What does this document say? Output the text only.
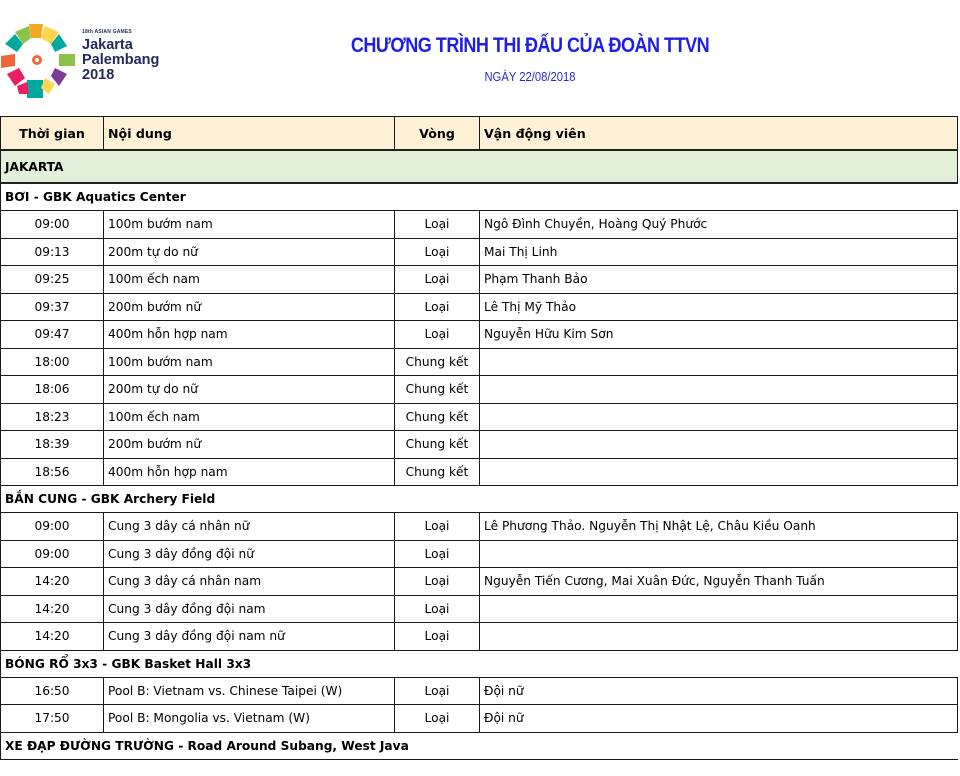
18th ASIAN GAMES
Jakarta
Palembang
2018
CHƯƠNG TRÌNH THI ĐẤU CỦA ĐOÀN TTVN
NGÀY 22/08/2018
Thời gian	Nội dung	Vòng	Vận động viên
JAKARTA			
BƠI - GBK Aquatics Center			
09:00	100m bướm nam	Loại	Ngô Đình Chuyền, Hoàng Quý Phước
09:13	200m tự do nữ	Loại	Mai Thị Linh
09:25	100m ếch nam	Loại	Phạm Thanh Bảo
09:37	200m bướm nữ	Loại	Lê Thị Mỹ Thảo
09:47	400m hỗn hợp nam	Loại	Nguyễn Hữu Kim Sơn
18:00	100m bướm nam	Chung kết	
18:06	200m tự do nữ	Chung kết	
18:23	100m ếch nam	Chung kết	
18:39	200m bướm nữ	Chung kết	
18:56	400m hỗn hợp nam	Chung kết	
BẮN CUNG - GBK Archery Field			
09:00	Cung 3 dây cá nhân nữ	Loại	Lê Phương Thảo. Nguyễn Thị Nhật Lệ, Châu Kiều Oanh
09:00	Cung 3 dây đồng đội nữ	Loại	
14:20	Cung 3 dây cá nhân nam	Loại	Nguyễn Tiến Cương, Mai Xuân Đức, Nguyễn Thanh Tuấn
14:20	Cung 3 dây đồng đội nam	Loại	
14:20	Cung 3 dây đồng đội nam nữ	Loại	
BÓNG RỔ 3x3 - GBK Basket Hall 3x3			
16:50	Pool B: Vietnam vs. Chinese Taipei (W)	Loại	Đội nữ
17:50	Pool B: Mongolia vs. Vietnam (W)	Loại	Đội nữ
XE ĐẠP ĐƯỜNG TRƯỜNG - Road Around Subang, West Java			
